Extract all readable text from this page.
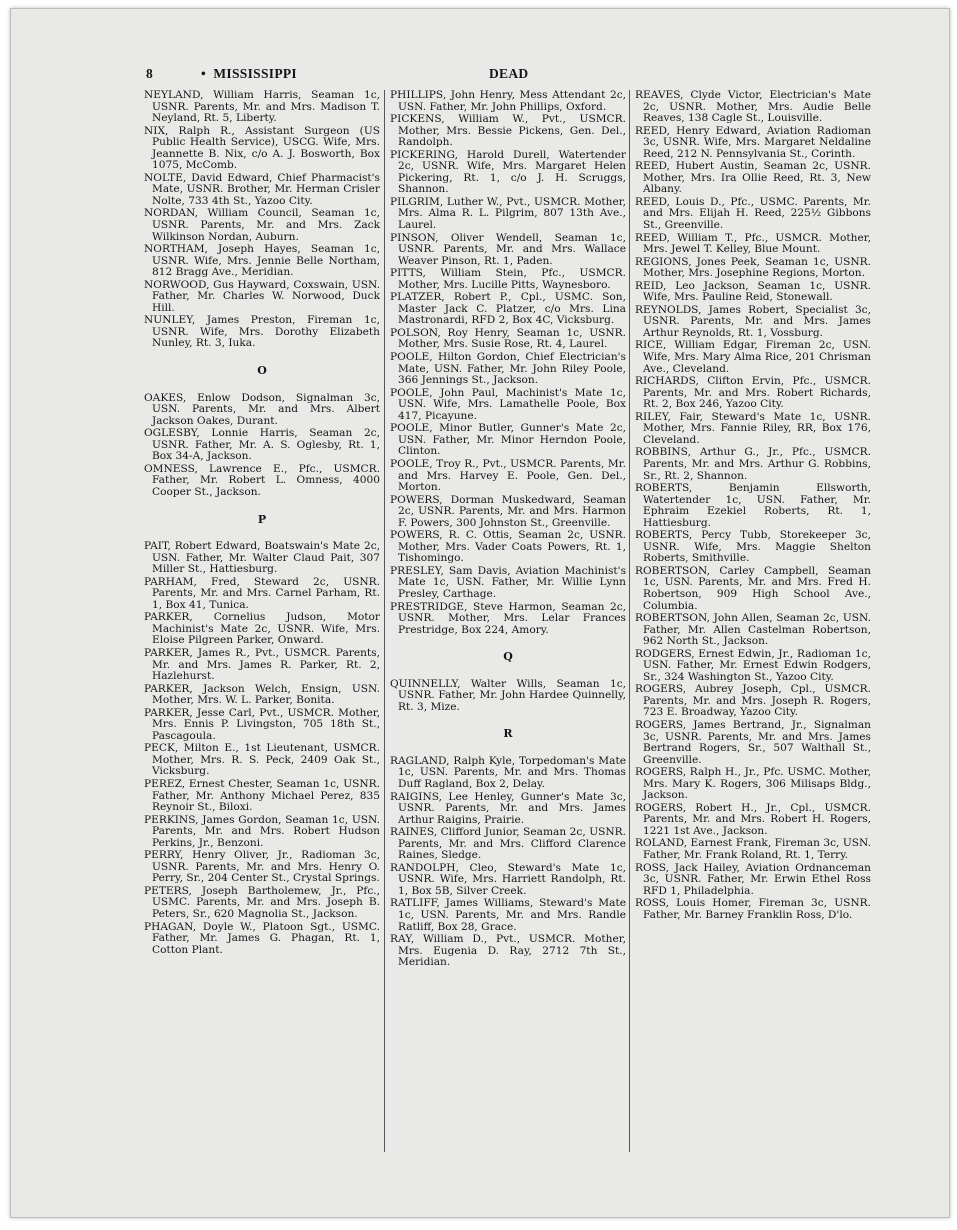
8	• MISSISSIPPI	DEAD
NEYLAND, William Harris, Seaman 1c, USNR. Parents, Mr. and Mrs. Madison T. Neyland, Rt. 5, Liberty.
NIX, Ralph R., Assistant Surgeon (US Public Health Service), USCG. Wife, Mrs. Jeannette B. Nix, c/o A. J. Bosworth, Box 1075, McComb.
NOLTE, David Edward, Chief Pharmacist's Mate, USNR. Brother, Mr. Herman Crisler Nolte, 733 4th St., Yazoo City.
NORDAN, William Council, Seaman 1c, USNR. Parents, Mr. and Mrs. Zack Wilkinson Nordan, Auburn.
NORTHAM, Joseph Hayes, Seaman 1c, USNR. Wife, Mrs. Jennie Belle Northam, 812 Bragg Ave., Meridian.
NORWOOD, Gus Hayward, Coxswain, USN. Father, Mr. Charles W. Norwood, Duck Hill.
NUNLEY, James Preston, Fireman 1c, USNR. Wife, Mrs. Dorothy Elizabeth Nunley, Rt. 3, Iuka.
O
OAKES, Enlow Dodson, Signalman 3c, USN. Parents, Mr. and Mrs. Albert Jackson Oakes, Durant.
OGLESBY, Lonnie Harris, Seaman 2c, USNR. Father, Mr. A. S. Oglesby, Rt. 1, Box 34-A, Jackson.
OMNESS, Lawrence E., Pfc., USMCR. Father, Mr. Robert L. Omness, 4000 Cooper St., Jackson.
P
PAIT, Robert Edward, Boatswain's Mate 2c, USN. Father, Mr. Walter Claud Pait, 307 Miller St., Hattiesburg.
PARHAM, Fred, Steward 2c, USNR. Parents, Mr. and Mrs. Carnel Parham, Rt. 1, Box 41, Tunica.
PARKER, Cornelius Judson, Motor Machinist's Mate 2c, USNR. Wife, Mrs. Eloise Pilgreen Parker, Onward.
PARKER, James R., Pvt., USMCR. Parents, Mr. and Mrs. James R. Parker, Rt. 2, Hazlehurst.
PARKER, Jackson Welch, Ensign, USN. Mother, Mrs. W. L. Parker, Bonita.
PARKER, Jesse Carl, Pvt., USMCR. Mother, Mrs. Ennis P. Livingston, 705 18th St., Pascagoula.
PECK, Milton E., 1st Lieutenant, USMCR. Mother, Mrs. R. S. Peck, 2409 Oak St., Vicksburg.
PEREZ, Ernest Chester, Seaman 1c, USNR. Father, Mr. Anthony Michael Perez, 835 Reynoir St., Biloxi.
PERKINS, James Gordon, Seaman 1c, USN. Parents, Mr. and Mrs. Robert Hudson Perkins, Jr., Benzoni.
PERRY, Henry Oliver, Jr., Radioman 3c, USNR. Parents, Mr. and Mrs. Henry O. Perry, Sr., 204 Center St., Crystal Springs.
PETERS, Joseph Bartholemew, Jr., Pfc., USMC. Parents, Mr. and Mrs. Joseph B. Peters, Sr., 620 Magnolia St., Jackson.
PHAGAN, Doyle W., Platoon Sgt., USMC. Father, Mr. James G. Phagan, Rt. 1, Cotton Plant.
PHILLIPS, John Henry, Mess Attendant 2c, USN. Father, Mr. John Phillips, Oxford.
PICKENS, William W., Pvt., USMCR. Mother, Mrs. Bessie Pickens, Gen. Del., Randolph.
PICKERING, Harold Durell, Watertender 2c, USNR. Wife, Mrs. Margaret Helen Pickering, Rt. 1, c/o J. H. Scruggs, Shannon.
PILGRIM, Luther W., Pvt., USMCR. Mother, Mrs. Alma R. L. Pilgrim, 807 13th Ave., Laurel.
PINSON, Oliver Wendell, Seaman 1c, USNR. Parents, Mr. and Mrs. Wallace Weaver Pinson, Rt. 1, Paden.
PITTS, William Stein, Pfc., USMCR. Mother, Mrs. Lucille Pitts, Waynesboro.
PLATZER, Robert P., Cpl., USMC. Son, Master Jack C. Platzer, c/o Mrs. Lina Mastronardi, RFD 2, Box 4C, Vicksburg.
POLSON, Roy Henry, Seaman 1c, USNR. Mother, Mrs. Susie Rose, Rt. 4, Laurel.
POOLE, Hilton Gordon, Chief Electrician's Mate, USN. Father, Mr. John Riley Poole, 366 Jennings St., Jackson.
POOLE, John Paul, Machinist's Mate 1c, USN. Wife, Mrs. Lamathelle Poole, Box 417, Picayune.
POOLE, Minor Butler, Gunner's Mate 2c, USN. Father, Mr. Minor Herndon Poole, Clinton.
POOLE, Troy R., Pvt., USMCR. Parents, Mr. and Mrs. Harvey E. Poole, Gen. Del., Morton.
POWERS, Dorman Muskedward, Seaman 2c, USNR. Parents, Mr. and Mrs. Harmon F. Powers, 300 Johnston St., Greenville.
POWERS, R. C. Ottis, Seaman 2c, USNR. Mother, Mrs. Vader Coats Powers, Rt. 1, Tishomingo.
PRESLEY, Sam Davis, Aviation Machinist's Mate 1c, USN. Father, Mr. Willie Lynn Presley, Carthage.
PRESTRIDGE, Steve Harmon, Seaman 2c, USNR. Mother, Mrs. Lelar Frances Prestridge, Box 224, Amory.
Q
QUINNELLY, Walter Wills, Seaman 1c, USNR. Father, Mr. John Hardee Quinnelly, Rt. 3, Mize.
R
RAGLAND, Ralph Kyle, Torpedoman's Mate 1c, USN. Parents, Mr. and Mrs. Thomas Duff Ragland, Box 2, Delay.
RAIGINS, Lee Henley, Gunner's Mate 3c, USNR. Parents, Mr. and Mrs. James Arthur Raigins, Prairie.
RAINES, Clifford Junior, Seaman 2c, USNR. Parents, Mr. and Mrs. Clifford Clarence Raines, Sledge.
RANDOLPH, Cleo, Steward's Mate 1c, USNR. Wife, Mrs. Harriett Randolph, Rt. 1, Box 5B, Silver Creek.
RATLIFF, James Williams, Steward's Mate 1c, USN. Parents, Mr. and Mrs. Randle Ratliff, Box 28, Grace.
RAY, William D., Pvt., USMCR. Mother, Mrs. Eugenia D. Ray, 2712 7th St., Meridian.
REAVES, Clyde Victor, Electrician's Mate 2c, USNR. Mother, Mrs. Audie Belle Reaves, 138 Cagle St., Louisville.
REED, Henry Edward, Aviation Radioman 3c, USNR. Wife, Mrs. Margaret Neldaline Reed, 212 N. Pennsylvania St., Corinth.
REED, Hubert Austin, Seaman 2c, USNR. Mother, Mrs. Ira Ollie Reed, Rt. 3, New Albany.
REED, Louis D., Pfc., USMC. Parents, Mr. and Mrs. Elijah H. Reed, 225½ Gibbons St., Greenville.
REED, William T., Pfc., USMCR. Mother, Mrs. Jewel T. Kelley, Blue Mount.
REGIONS, Jones Peek, Seaman 1c, USNR. Mother, Mrs. Josephine Regions, Morton.
REID, Leo Jackson, Seaman 1c, USNR. Wife, Mrs. Pauline Reid, Stonewall.
REYNOLDS, James Robert, Specialist 3c, USNR. Parents, Mr. and Mrs. James Arthur Reynolds, Rt. 1, Vossburg.
RICE, William Edgar, Fireman 2c, USN. Wife, Mrs. Mary Alma Rice, 201 Chrisman Ave., Cleveland.
RICHARDS, Clifton Ervin, Pfc., USMCR. Parents, Mr. and Mrs. Robert Richards, Rt. 2, Box 246, Yazoo City.
RILEY, Fair, Steward's Mate 1c, USNR. Mother, Mrs. Fannie Riley, RR, Box 176, Cleveland.
ROBBINS, Arthur G., Jr., Pfc., USMCR. Parents, Mr. and Mrs. Arthur G. Robbins, Sr., Rt. 2, Shannon.
ROBERTS, Benjamin Ellsworth, Watertender 1c, USN. Father, Mr. Ephraim Ezekiel Roberts, Rt. 1, Hattiesburg.
ROBERTS, Percy Tubb, Storekeeper 3c, USNR. Wife, Mrs. Maggie Shelton Roberts, Smithville.
ROBERTSON, Carley Campbell, Seaman 1c, USN. Parents, Mr. and Mrs. Fred H. Robertson, 909 High School Ave., Columbia.
ROBERTSON, John Allen, Seaman 2c, USN. Father, Mr. Allen Castelman Robertson, 962 North St., Jackson.
RODGERS, Ernest Edwin, Jr., Radioman 1c, USN. Father, Mr. Ernest Edwin Rodgers, Sr., 324 Washington St., Yazoo City.
ROGERS, Aubrey Joseph, Cpl., USMCR. Parents, Mr. and Mrs. Joseph R. Rogers, 723 E. Broadway, Yazoo City.
ROGERS, James Bertrand, Jr., Signalman 3c, USNR. Parents, Mr. and Mrs. James Bertrand Rogers, Sr., 507 Walthall St., Greenville.
ROGERS, Ralph H., Jr., Pfc. USMC. Mother, Mrs. Mary K. Rogers, 306 Milisaps Bldg., Jackson.
ROGERS, Robert H., Jr., Cpl., USMCR. Parents, Mr. and Mrs. Robert H. Rogers, 1221 1st Ave., Jackson.
ROLAND, Earnest Frank, Fireman 3c, USN. Father, Mr. Frank Roland, Rt. 1, Terry.
ROSS, Jack Hailey, Aviation Ordnanceman 3c, USNR. Father, Mr. Erwin Ethel Ross RFD 1, Philadelphia.
ROSS, Louis Homer, Fireman 3c, USNR. Father, Mr. Barney Franklin Ross, D'lo.
